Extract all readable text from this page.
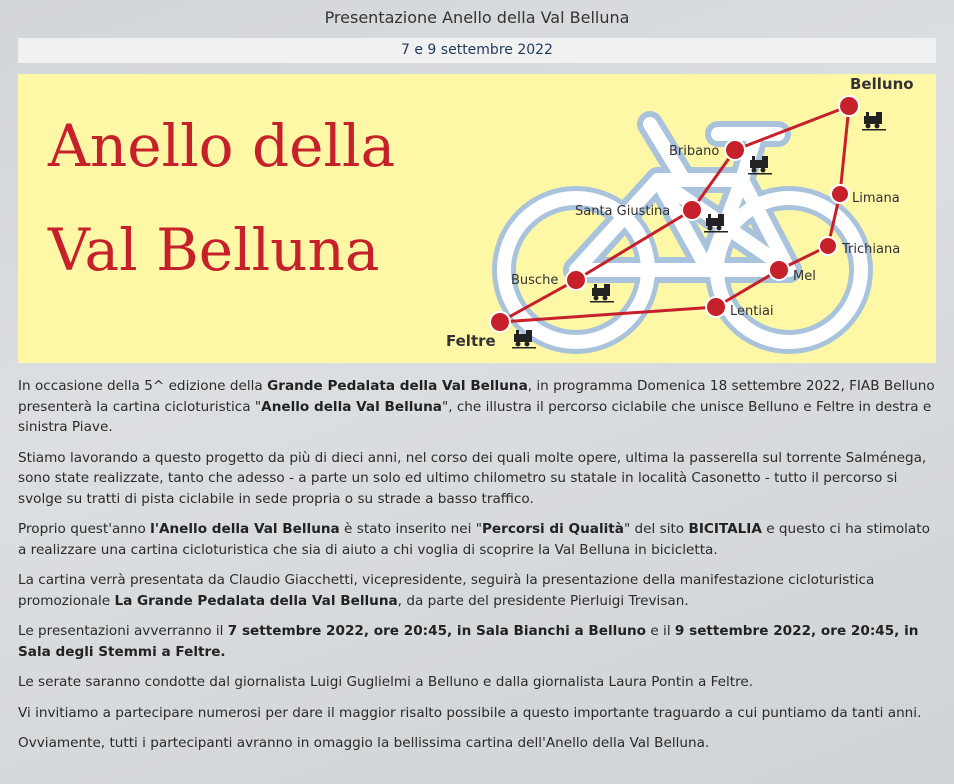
Presentazione Anello della Val Belluna
7 e 9 settembre 2022
Anello della
Val Belluna
Belluno
Bribano
Limana
Santa Giustina
Trichiana
Busche	Mel
Lentiai
Feltre

In occasione della 5^ edizione della Grande Pedalata della Val Belluna, in programma Domenica 18 settembre 2022, FIAB Belluno presenterà la cartina cicloturistica "Anello della Val Belluna", che illustra il percorso ciclabile che unisce Belluno e Feltre in destra e sinistra Piave.

Stiamo lavorando a questo progetto da più di dieci anni, nel corso dei quali molte opere, ultima la passerella sul torrente Salménega, sono state realizzate, tanto che adesso - a parte un solo ed ultimo chilometro su statale in località Casonetto - tutto il percorso si svolge su tratti di pista ciclabile in sede propria o su strade a basso traffico.

Proprio quest'anno l'Anello della Val Belluna è stato inserito nei "Percorsi di Qualità" del sito BICITALIA e questo ci ha stimolato a realizzare una cartina cicloturistica che sia di aiuto a chi voglia di scoprire la Val Belluna in bicicletta.

La cartina verrà presentata da Claudio Giacchetti, vicepresidente, seguirà la presentazione della manifestazione cicloturistica promozionale La Grande Pedalata della Val Belluna, da parte del presidente Pierluigi Trevisan.

Le presentazioni avverranno il 7 settembre 2022, ore 20:45, in Sala Bianchi a Belluno e il 9 settembre 2022, ore 20:45, in Sala degli Stemmi a Feltre.

Le serate saranno condotte dal giornalista Luigi Guglielmi a Belluno e dalla giornalista Laura Pontin a Feltre.

Vi invitiamo a partecipare numerosi per dare il maggior risalto possibile a questo importante traguardo a cui puntiamo da tanti anni.

Ovviamente, tutti i partecipanti avranno in omaggio la bellissima cartina dell'Anello della Val Belluna.
